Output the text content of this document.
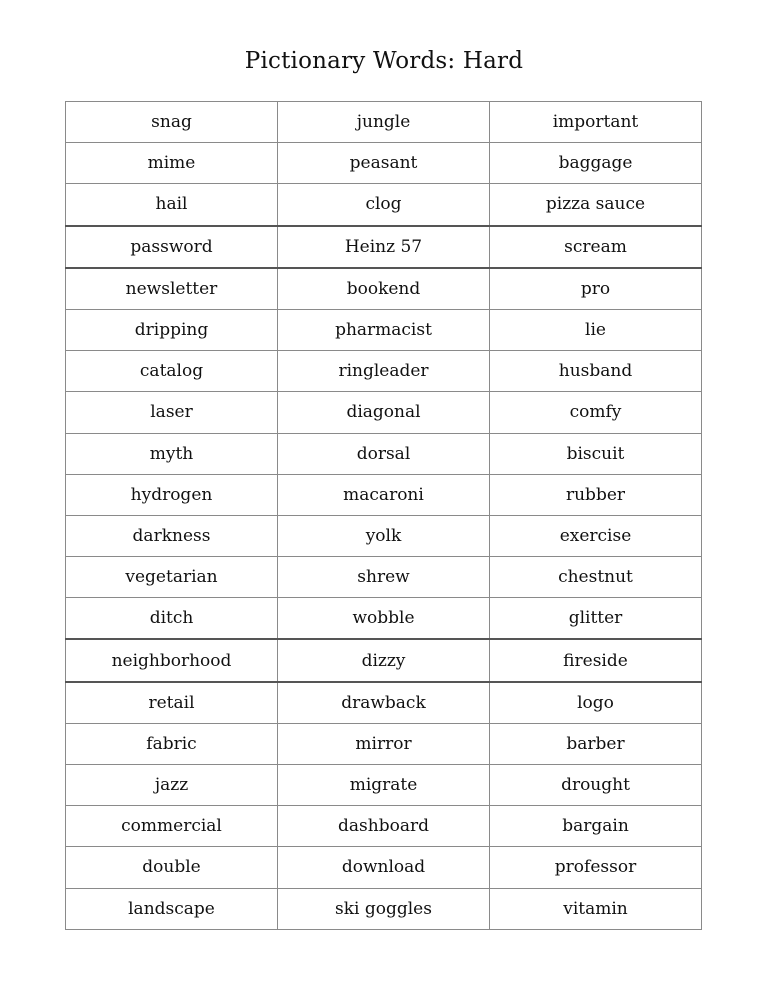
Pictionary Words: Hard
snag	jungle	important
mime	peasant	baggage
hail	clog	pizza sauce
password	Heinz 57	scream
newsletter	bookend	pro
dripping	pharmacist	lie
catalog	ringleader	husband
laser	diagonal	comfy
myth	dorsal	biscuit
hydrogen	macaroni	rubber
darkness	yolk	exercise
vegetarian	shrew	chestnut
ditch	wobble	glitter
neighborhood	dizzy	fireside
retail	drawback	logo
fabric	mirror	barber
jazz	migrate	drought
commercial	dashboard	bargain
double	download	professor
landscape	ski goggles	vitamin
